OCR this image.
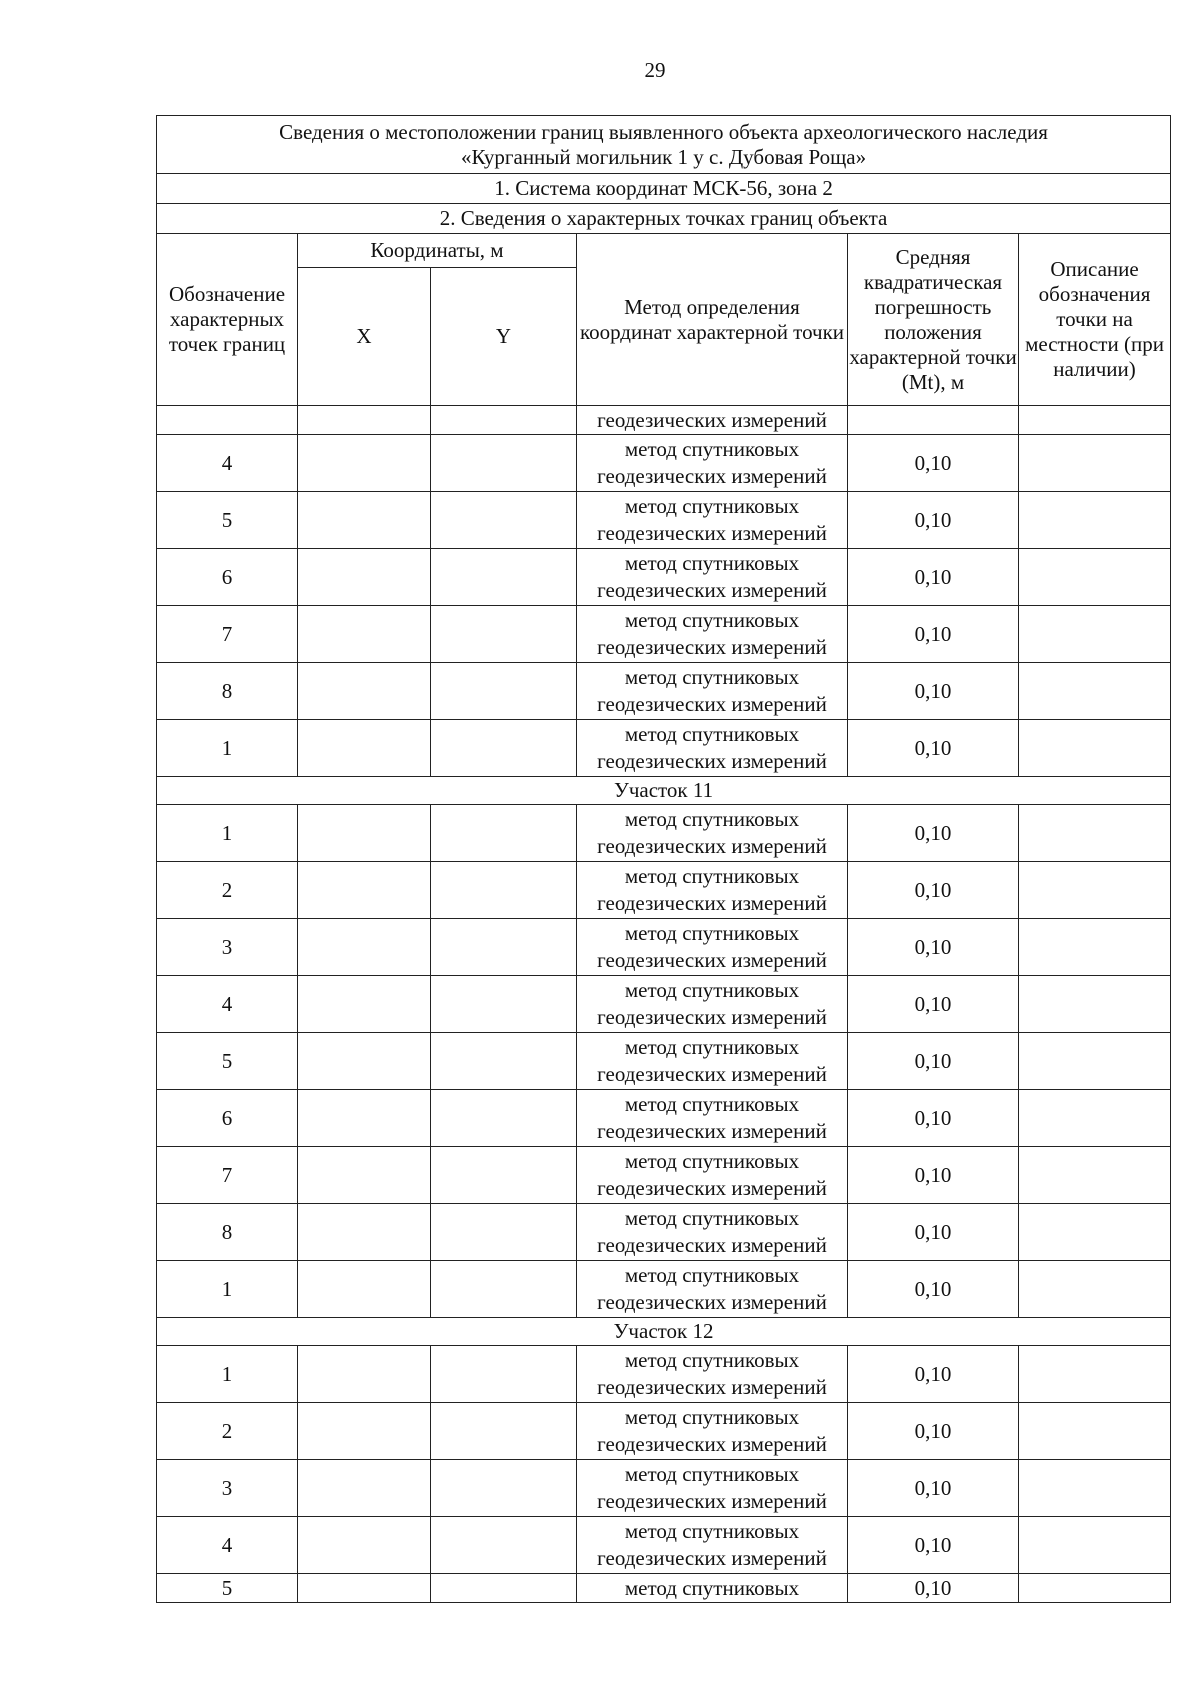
29
Сведения о местоположении границ выявленного объекта археологического наследия
«Курганный могильник 1 у с. Дубовая Роща»					

1. Система координат МСК-56, зона 2					
2. Сведения о характерных точках границ объекта					
Обозначение характерных точек границ	Координаты, м		Метод определения координат характерной точки	Средняя квадратическая погрешность положения характерной точки (Mt), м	Описание обозначения точки на местности (при наличии)
	X	Y			
			геодезических измерений		
4			метод спутниковых
геодезических измерений	0,10	
5			метод спутниковых
геодезических измерений	0,10	
6			метод спутниковых
геодезических измерений	0,10	
7			метод спутниковых
геодезических измерений	0,10	
8			метод спутниковых
геодезических измерений	0,10	
1			метод спутниковых
геодезических измерений	0,10	
Участок 11					
1			метод спутниковых
геодезических измерений	0,10	
2			метод спутниковых
геодезических измерений	0,10	
3			метод спутниковых
геодезических измерений	0,10	
4			метод спутниковых
геодезических измерений	0,10	
5			метод спутниковых
геодезических измерений	0,10	
6			метод спутниковых
геодезических измерений	0,10	
7			метод спутниковых
геодезических измерений	0,10	
8			метод спутниковых
геодезических измерений	0,10	
1			метод спутниковых
геодезических измерений	0,10	
Участок 12					
1			метод спутниковых
геодезических измерений	0,10	
2			метод спутниковых
геодезических измерений	0,10	
3			метод спутниковых
геодезических измерений	0,10	
4			метод спутниковых
геодезических измерений	0,10	
5			метод спутниковых	0,10	
